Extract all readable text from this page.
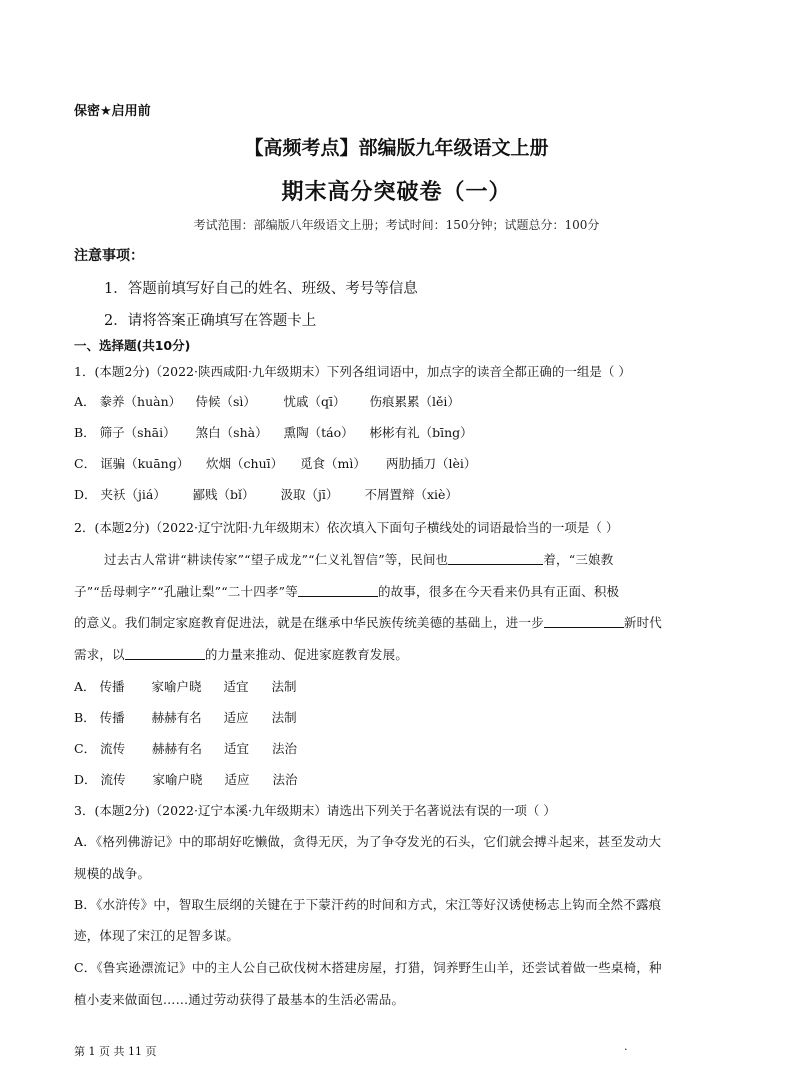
保密★启用前
【高频考点】部编版九年级语文上册
期末高分突破卷（一）
考试范围：部编版八年级语文上册；考试时间：150分钟；试题总分：100分
注意事项：
1．答题前填写好自己的姓名、班级、考号等信息
2．请将答案正确填写在答题卡上
一、选择题(共10分)
1．(本题2分)（2022·陕西咸阳·九年级期末）下列各组词语中，加点字的读音全都正确的一组是（ ）
A． 豢养（huàn） 侍候（sì） 忧戚（qī） 伤痕累累（lěi）
B． 筛子（shāi） 煞白（shà） 熏陶（táo） 彬彬有礼（bīng）
C． 诓骗（kuāng） 炊烟（chuī） 觅食（mì） 两肋插刀（lèi）
D． 夹袄（jiá） 鄙贱（bǐ） 汲取（jī） 不屑置辩（xiè）
2．(本题2分)（2022·辽宁沈阳·九年级期末）依次填入下面句子横线处的词语最恰当的一项是（ ）
过去古人常讲“耕读传家”“望子成龙”“仁义礼智信”等，民间也	着，“三娘教
子”“岳母刺字”“孔融让梨”“二十四孝”等	的故事，很多在今天看来仍具有正面、积极
的意义。我们制定家庭教育促进法，就是在继承中华民族传统美德的基础上，进一步	新时代
需求，以	的力量来推动、促进家庭教育发展。
A． 传播 家喻户晓 适宜 法制
B． 传播 赫赫有名 适应 法制
C． 流传 赫赫有名 适宜 法治
D． 流传 家喻户晓 适应 法治
3．(本题2分)（2022·辽宁本溪·九年级期末）请选出下列关于名著说法有误的一项（ ）
A．《格列佛游记》中的耶胡好吃懒做，贪得无厌，为了争夺发光的石头，它们就会搏斗起来，甚至发动大
规模的战争。
B．《水浒传》中，智取生辰纲的关键在于下蒙汗药的时间和方式，宋江等好汉诱使杨志上钩而全然不露痕
迹，体现了宋江的足智多谋。
C．《鲁宾逊漂流记》中的主人公自己砍伐树木搭建房屋，打猎，饲养野生山羊，还尝试着做一些桌椅，种
植小麦来做面包……通过劳动获得了最基本的生活必需品。
第 1 页 共 11 页	.
